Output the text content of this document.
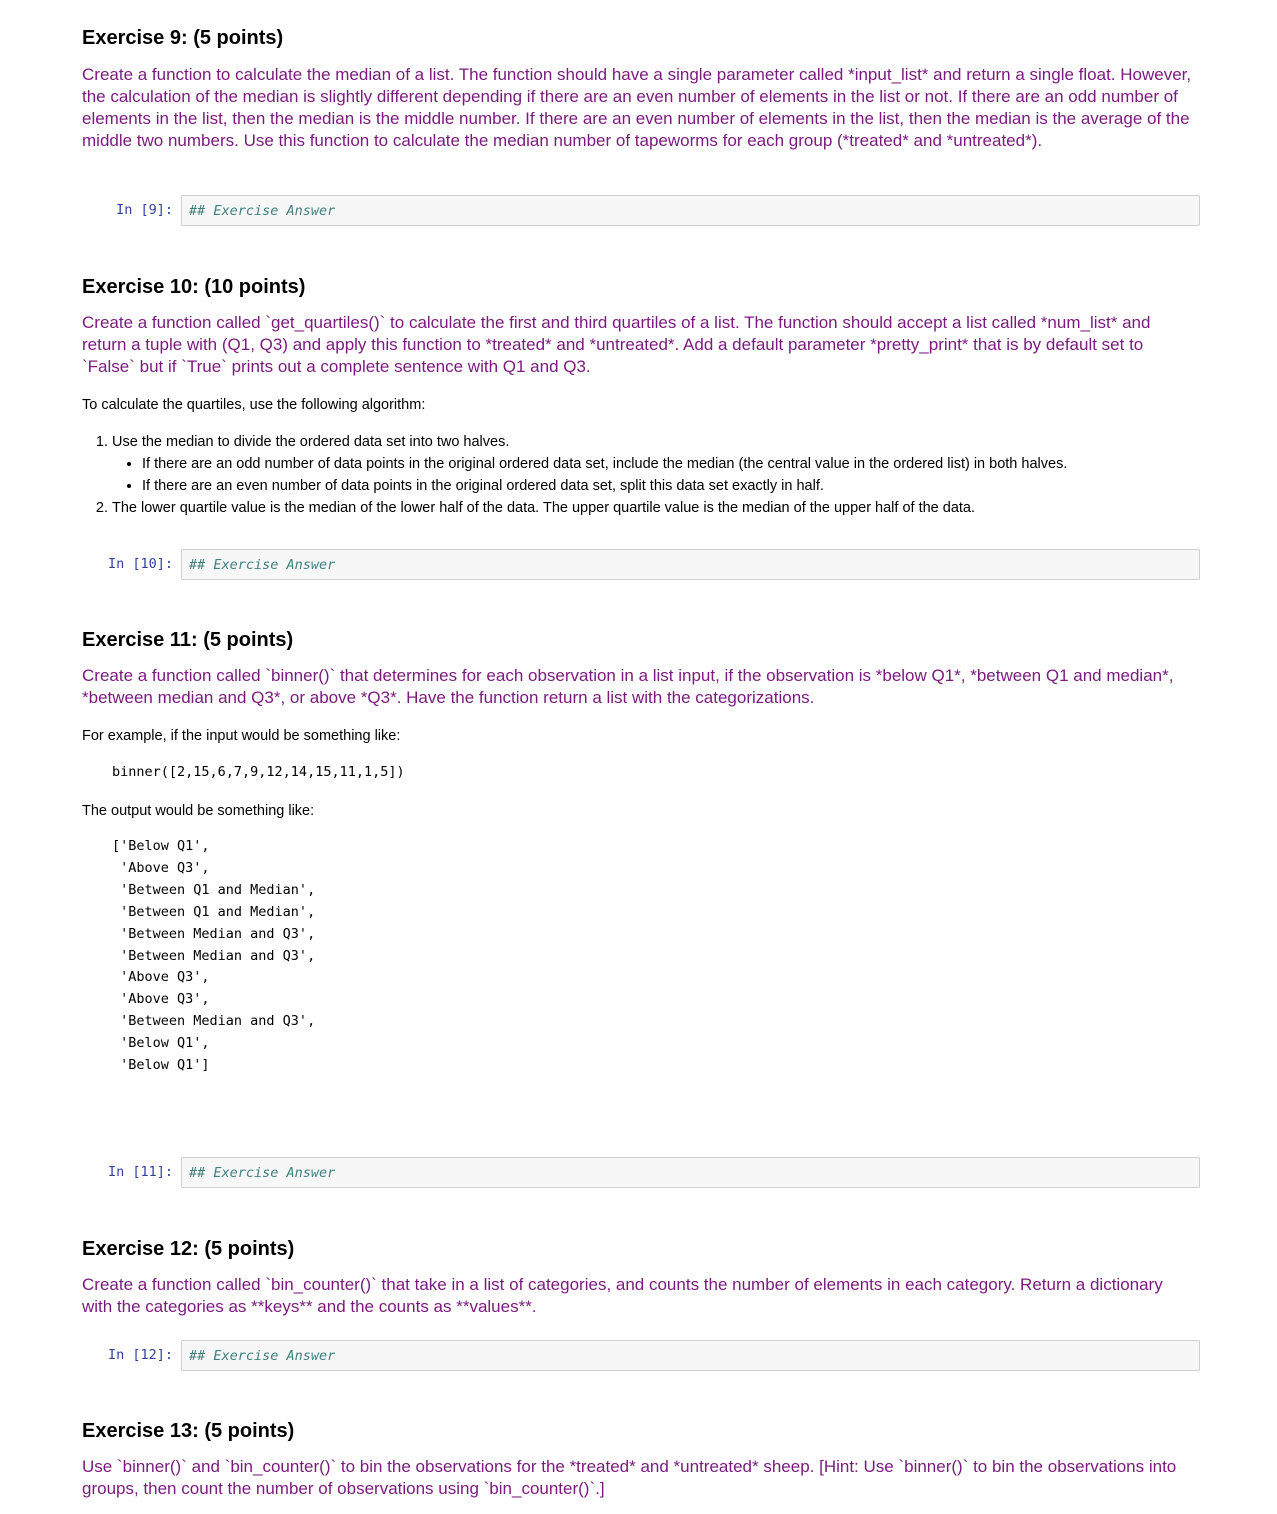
Exercise 9: (5 points)

Create a function to calculate the median of a list. The function should have a single parameter called *input_list* and return a single float. However, the calculation of the median is slightly different depending if there are an even number of elements in the list or not. If there are an odd number of elements in the list, then the median is the middle number. If there are an even number of elements in the list, then the median is the average of the middle two numbers. Use this function to calculate the median number of tapeworms for each group (*treated* and *untreated*).

In [9]: ## Exercise Answer
Exercise 10: (10 points)

Create a function called `get_quartiles()` to calculate the first and third quartiles of a list. The function should accept a list called *num_list* and return a tuple with (Q1, Q3) and apply this function to *treated* and *untreated*. Add a default parameter *pretty_print* that is by default set to `False` but if `True` prints out a complete sentence with Q1 and Q3.

To calculate the quartiles, use the following algorithm:

1. Use the median to divide the ordered data set into two halves.
• If there are an odd number of data points in the original ordered data set, include the median (the central value in the ordered list) in both halves.
• If there are an even number of data points in the original ordered data set, split this data set exactly in half.
2. The lower quartile value is the median of the lower half of the data. The upper quartile value is the median of the upper half of the data.
In [10]: ## Exercise Answer
Exercise 11: (5 points)

Create a function called `binner()` that determines for each observation in a list input, if the observation is *below Q1*, *between Q1 and median*, *between median and Q3*, or above *Q3*. Have the function return a list with the categorizations.

For example, if the input would be something like:

binner([2,15,6,7,9,12,14,15,11,1,5])

The output would be something like:

['Below Q1',
'Above Q3',
'Between Q1 and Median',
'Between Q1 and Median',
'Between Median and Q3',
'Between Median and Q3',
'Above Q3',
'Above Q3',
'Between Median and Q3',
'Below Q1',
'Below Q1']
In [11]: ## Exercise Answer
Exercise 12: (5 points)

Create a function called `bin_counter()` that take in a list of categories, and counts the number of elements in each category. Return a dictionary with the categories as **keys** and the counts as **values**.

In [12]: ## Exercise Answer
Exercise 13: (5 points)

Use `binner()` and `bin_counter()` to bin the observations for the *treated* and *untreated* sheep. [Hint: Use `binner()` to bin the observations into groups, then count the number of observations using `bin_counter()`.]
